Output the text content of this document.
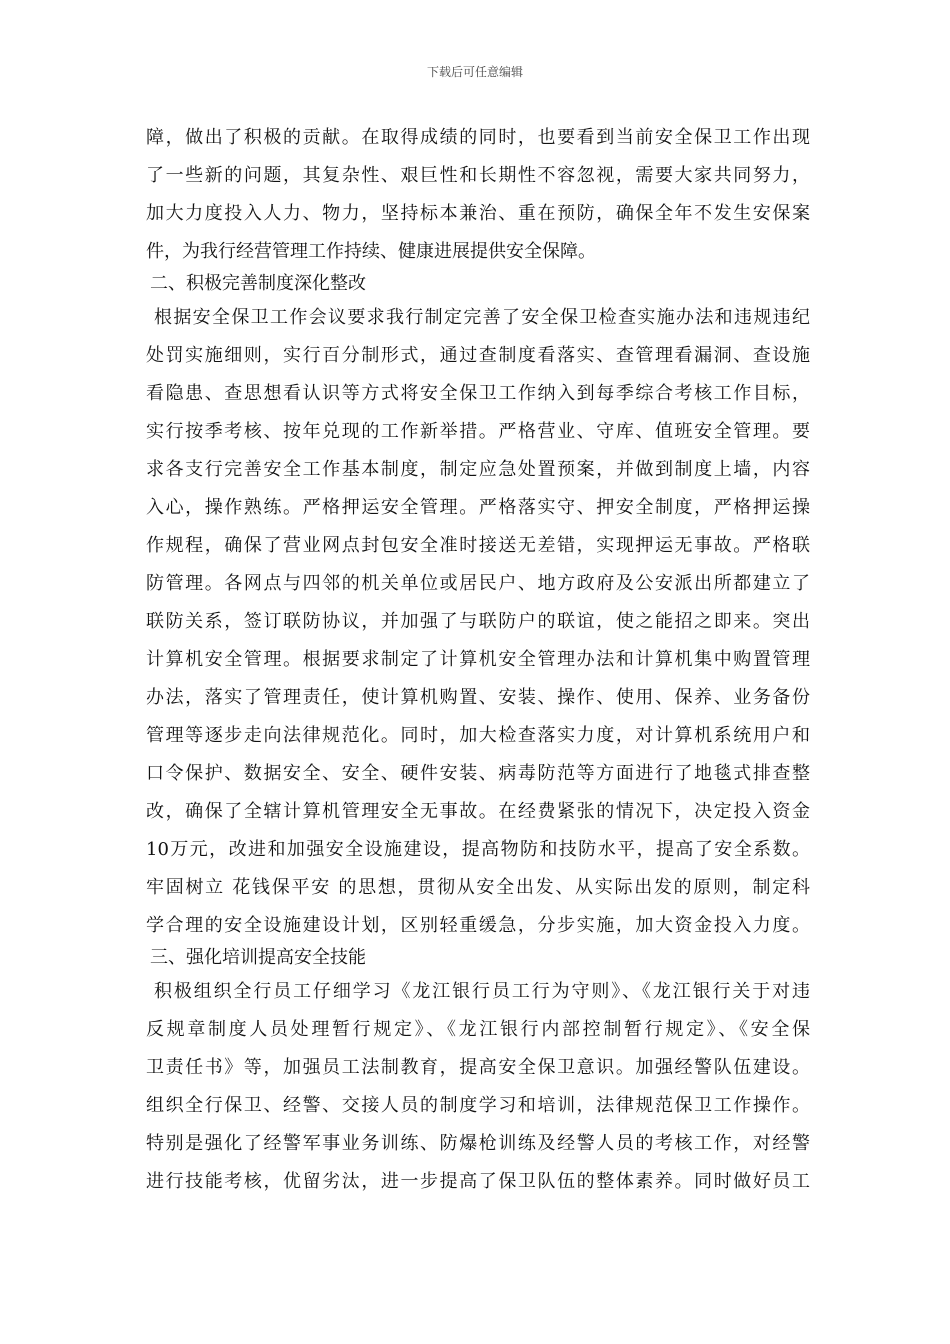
下载后可任意编辑
障，做出了积极的贡献。在取得成绩的同时，也要看到当前安全保卫工作出现
了一些新的问题，其复杂性、艰巨性和长期性不容忽视，需要大家共同努力，
加大力度投入人力、物力，坚持标本兼治、重在预防，确保全年不发生安保案
件，为我行经营管理工作持续、健康进展提供安全保障。
二、积极完善制度深化整改
根据安全保卫工作会议要求我行制定完善了安全保卫检查实施办法和违规违纪
处罚实施细则，实行百分制形式，通过查制度看落实、查管理看漏洞、查设施
看隐患、查思想看认识等方式将安全保卫工作纳入到每季综合考核工作目标，
实行按季考核、按年兑现的工作新举措。严格营业、守库、值班安全管理。要
求各支行完善安全工作基本制度，制定应急处置预案，并做到制度上墙，内容
入心，操作熟练。严格押运安全管理。严格落实守、押安全制度，严格押运操
作规程，确保了营业网点封包安全准时接送无差错，实现押运无事故。严格联
防管理。各网点与四邻的机关单位或居民户、地方政府及公安派出所都建立了
联防关系，签订联防协议，并加强了与联防户的联谊，使之能招之即来。突出
计算机安全管理。根据要求制定了计算机安全管理办法和计算机集中购置管理
办法，落实了管理责任，使计算机购置、安装、操作、使用、保养、业务备份
管理等逐步走向法律规范化。同时，加大检查落实力度，对计算机系统用户和
口令保护、数据安全、安全、硬件安装、病毒防范等方面进行了地毯式排查整
改，确保了全辖计算机管理安全无事故。在经费紧张的情况下，决定投入资金
10万元，改进和加强安全设施建设，提高物防和技防水平，提高了安全系数。
牢固树立 花钱保平安 的思想，贯彻从安全出发、从实际出发的原则，制定科
学合理的安全设施建设计划，区别轻重缓急，分步实施，加大资金投入力度。
三、强化培训提高安全技能
积极组织全行员工仔细学习《龙江银行员工行为守则》、《龙江银行关于对违
反规章制度人员处理暂行规定》、《龙江银行内部控制暂行规定》、《安全保
卫责任书》等，加强员工法制教育，提高安全保卫意识。加强经警队伍建设。
组织全行保卫、经警、交接人员的制度学习和培训，法律规范保卫工作操作。
特别是强化了经警军事业务训练、防爆枪训练及经警人员的考核工作，对经警
进行技能考核，优留劣汰，进一步提高了保卫队伍的整体素养。同时做好员工
